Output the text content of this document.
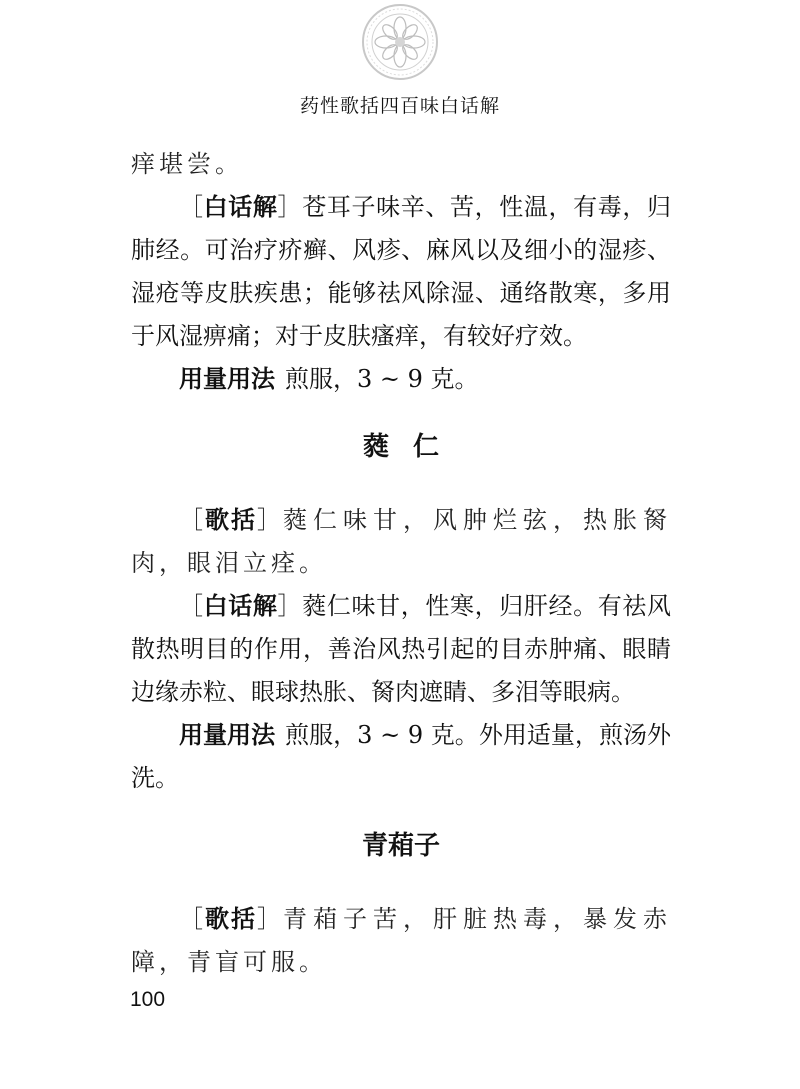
药性歌括四百味白话解

痒堪尝。

［白话解］苍耳子味辛、苦，性温，有毒，归肺经。可治疗疥癣、风疹、麻风以及细小的湿疹、湿疮等皮肤疾患；能够祛风除湿、通络散寒，多用于风湿痹痛；对于皮肤瘙痒，有较好疗效。

用量用法 煎服，3 ~ 9 克。

蕤仁

［歌括］蕤仁味甘，风肿烂弦，热胀胬肉，眼泪立痊。

［白话解］蕤仁味甘，性寒，归肝经。有祛风散热明目的作用，善治风热引起的目赤肿痛、眼睛边缘赤粒、眼球热胀、胬肉遮睛、多泪等眼病。

用量用法 煎服，3 ~ 9 克。外用适量，煎汤外洗。

青葙子

［歌括］青葙子苦，肝脏热毒，暴发赤障，青盲可服。

100
